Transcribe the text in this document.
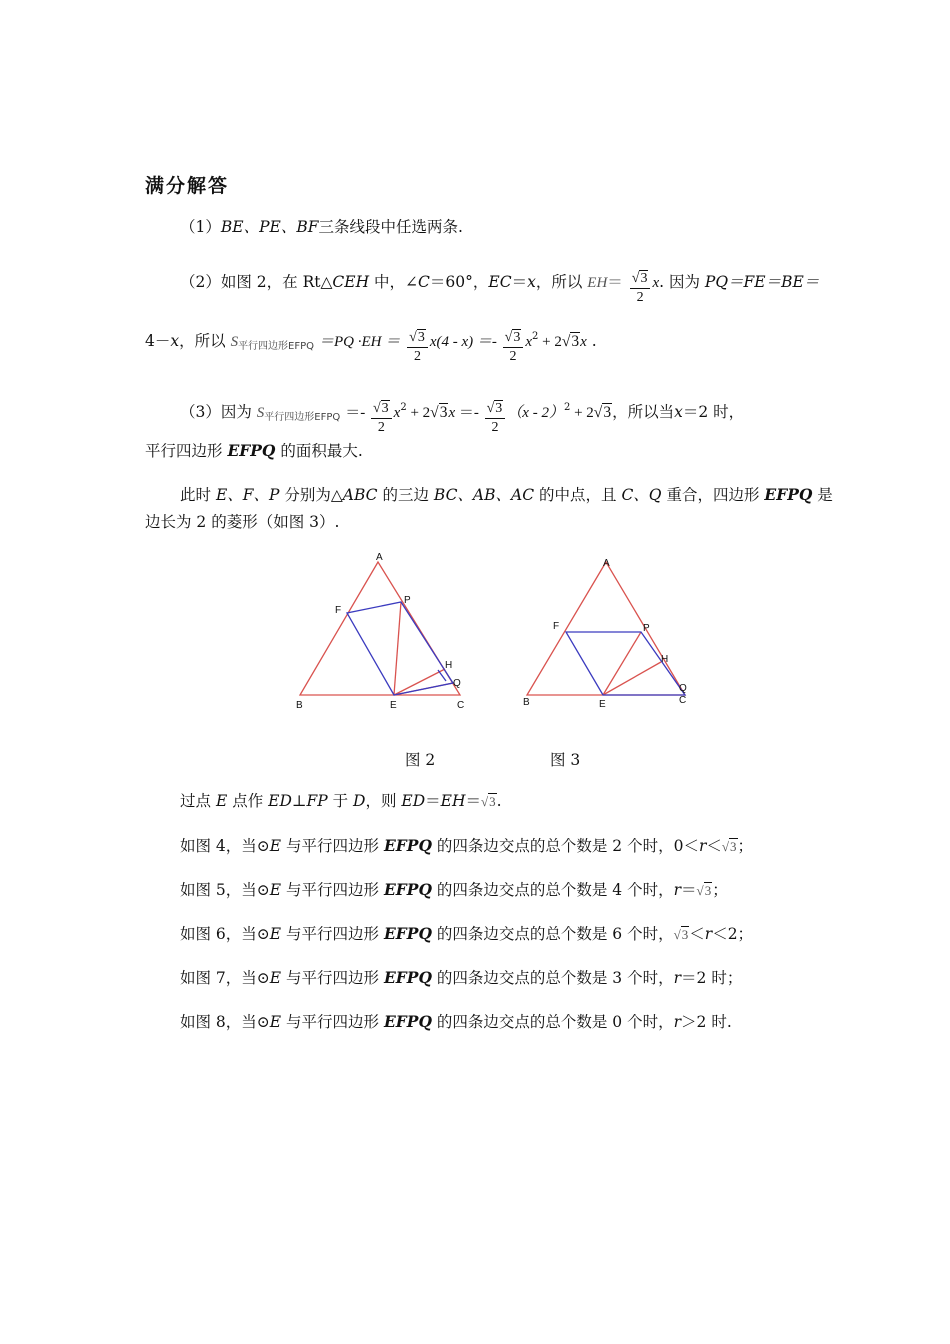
满分解答
（1）BE、PE、BF三条线段中任选两条.
（2）如图 2，在 Rt△CEH 中，∠C＝60°，EC＝x，所以 $EH= \frac{√3}{2} x$. 因为 PQ＝FE＝BE＝
4－x，所以 $S_{平行四边形EFPQ} =PQ \cdot EH = \frac{√3}{2} x(4 - x) =- \frac{√3}{2} x^2 + 2√3x$ .
（3）因为 $S_{平行四边形EFPQ} =- \frac{√3}{2} x^2 + 2√3x =- \frac{√3}{2} (x - 2)^2 + 2√3$，所以当x＝2 时，
平行四边形 EFPQ 的面积最大.
此时 E、F、P 分别为△ABC 的三边 BC、AB、AC 的中点，且 C、Q 重合，四边形 EFPQ 是
边长为 2 的菱形（如图 3）.
A
F
P
H
Q
B	E	C
A
F	P
H
Q
B	E	C
图 2	图 3
过点 E 点作 ED⊥FP 于 D，则 ED＝EH＝√3.
如图 4，当⊙E 与平行四边形 EFPQ 的四条边交点的总个数是 2 个时，0＜r＜√3；
如图 5，当⊙E 与平行四边形 EFPQ 的四条边交点的总个数是 4 个时，r＝√3；
如图 6，当⊙E 与平行四边形 EFPQ 的四条边交点的总个数是 6 个时，√3＜r＜2；
如图 7，当⊙E 与平行四边形 EFPQ 的四条边交点的总个数是 3 个时，r＝2 时；
如图 8，当⊙E 与平行四边形 EFPQ 的四条边交点的总个数是 0 个时，r＞2 时.
